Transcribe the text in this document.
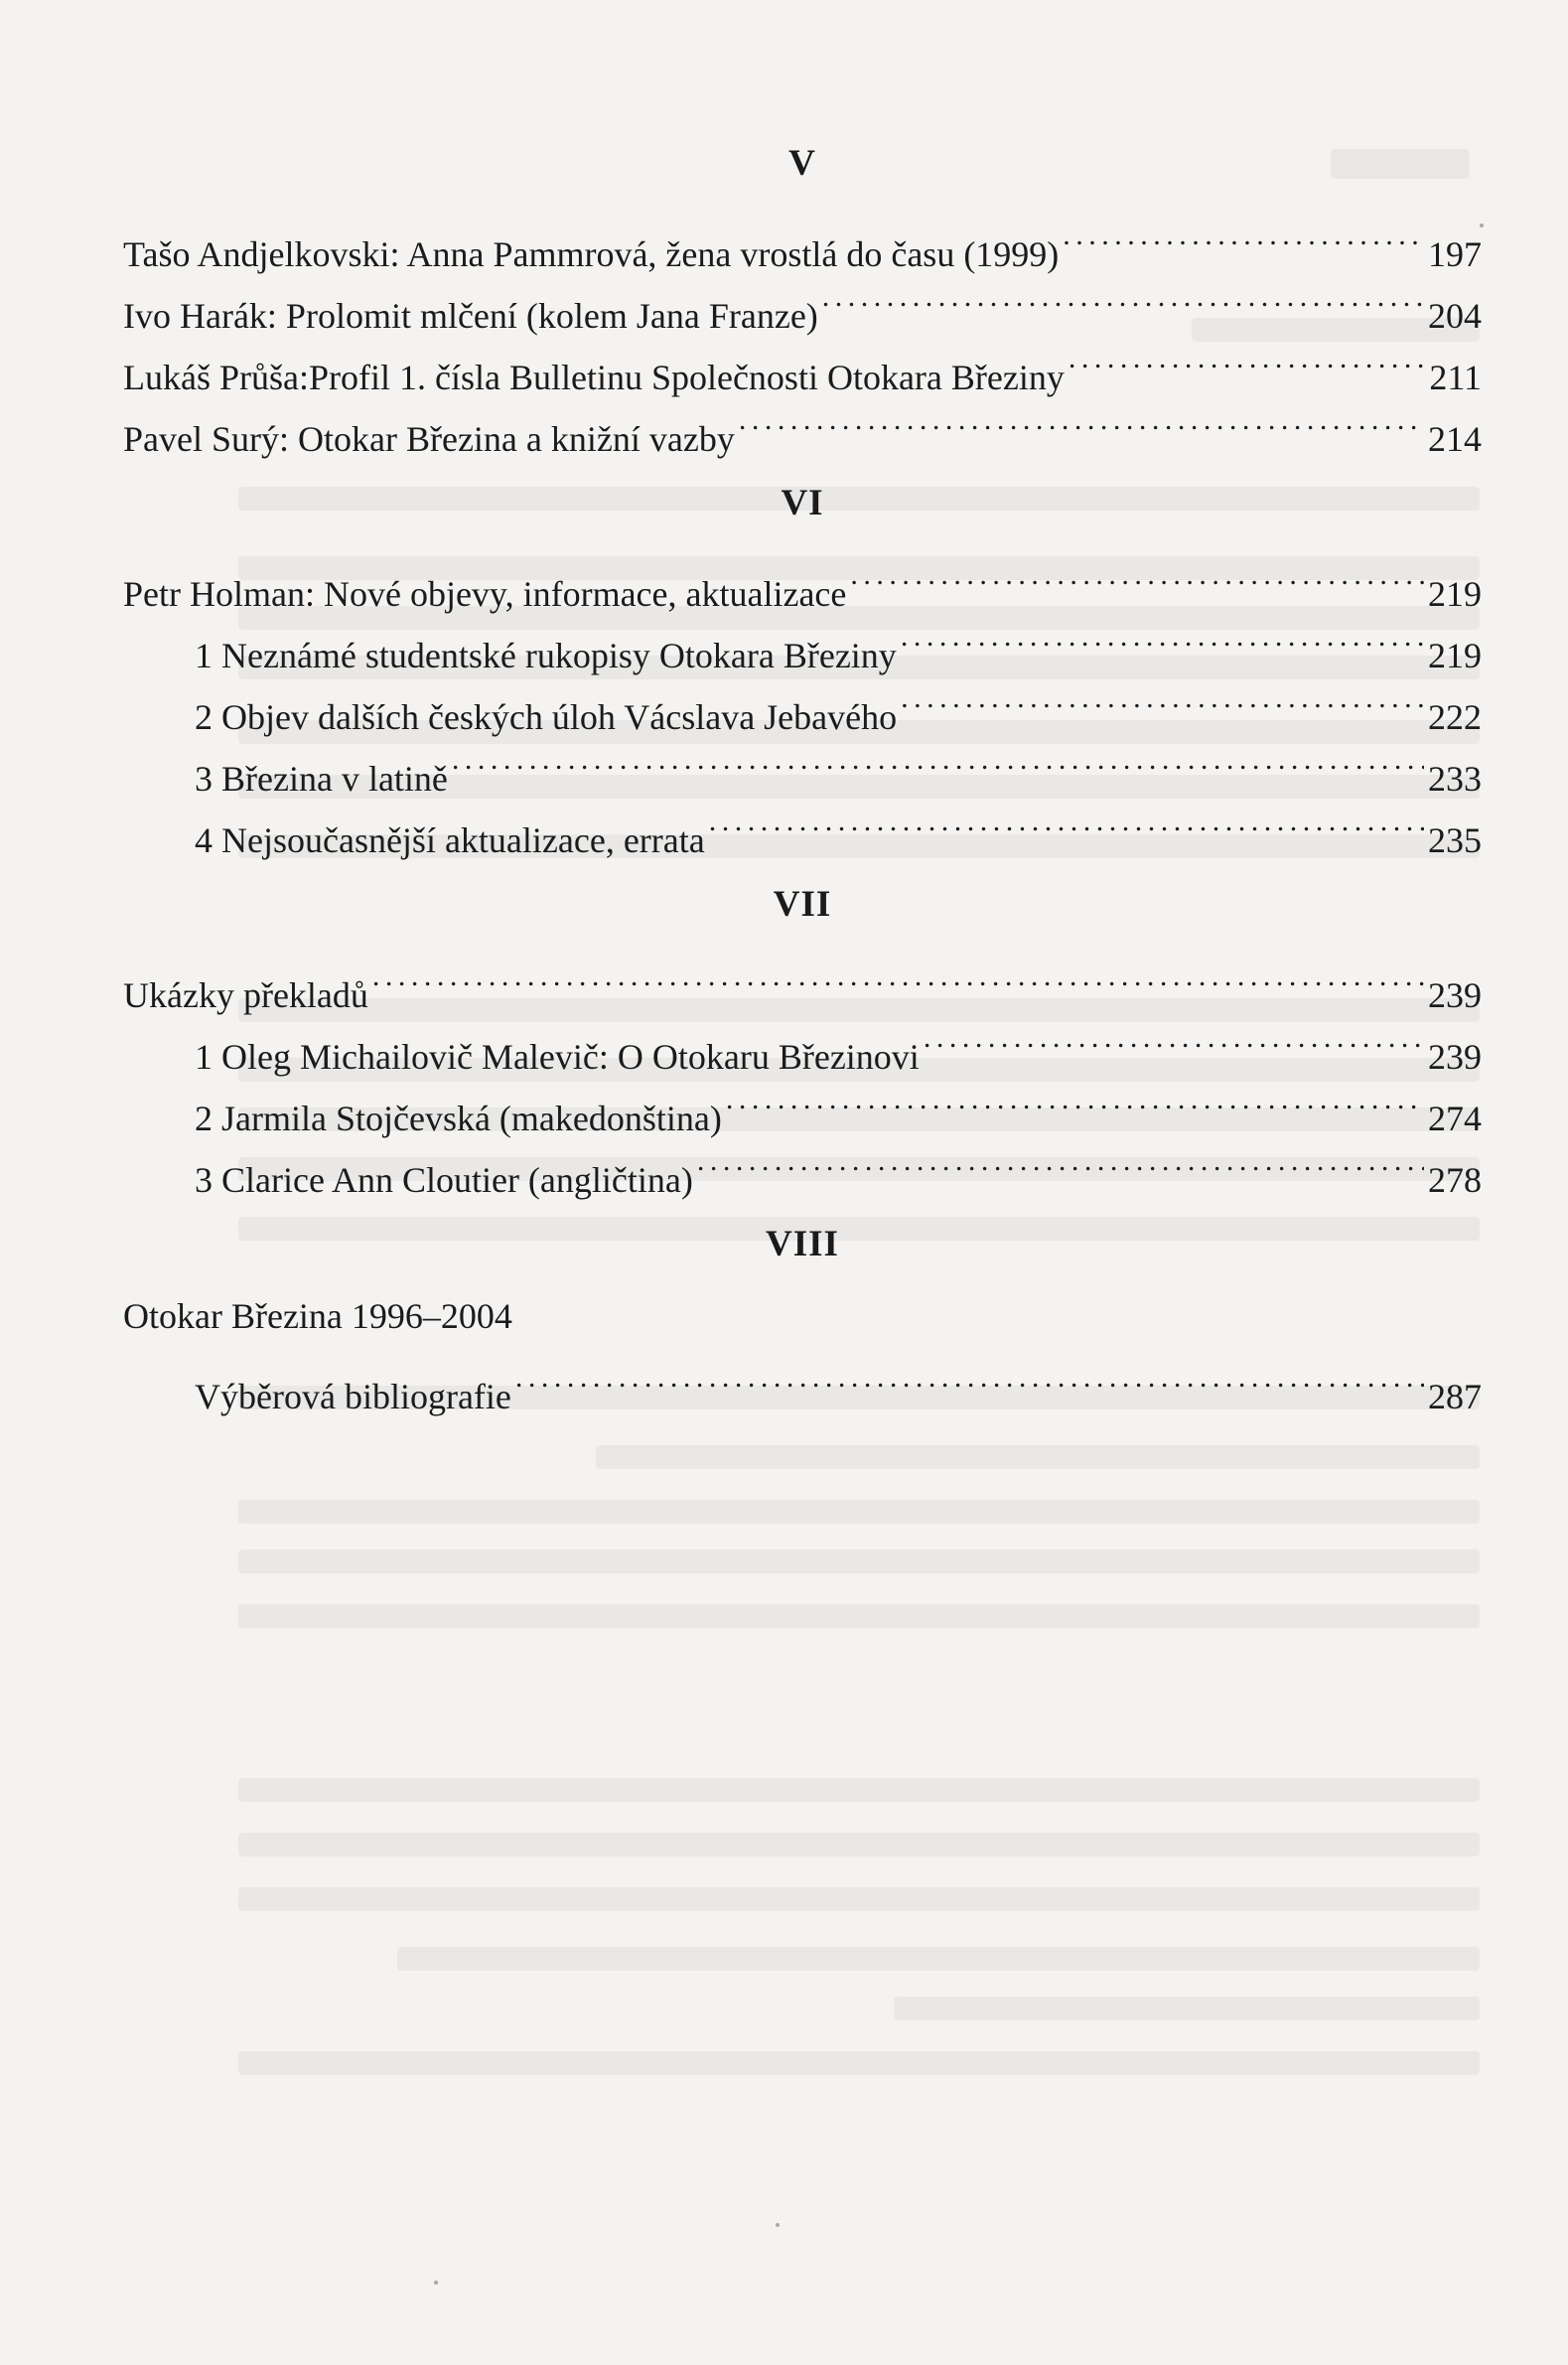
V
Tašo Andjelkovski: Anna Pammrová, žena vrostlá do času (1999) . . .	197
Ivo Harák: Prolomit mlčení (kolem Jana Franze) . . .	204
Lukáš Průša:Profil 1. čísla Bulletinu Společnosti Otokara Březiny . . .	211
Pavel Surý: Otokar Březina a knižní vazby . . .	214
VI
Petr Holman: Nové objevy, informace, aktualizace . . .	219
1 Neznámé studentské rukopisy Otokara Březiny . . .	219
2 Objev dalších českých úloh Vácslava Jebavého . . .	222
3 Březina v latině . . .	233
4 Nejsoučasnější aktualizace, errata . . .	235
VII
Ukázky překladů . . .	239
1 Oleg Michailovič Malevič: O Otokaru Březinovi . . .	239
2 Jarmila Stojčevská (makedonština) . . .	274
3 Clarice Ann Cloutier (angličtina) . . .	278
VIII
Otokar Březina 1996–2004
Výběrová bibliografie . . .	287
